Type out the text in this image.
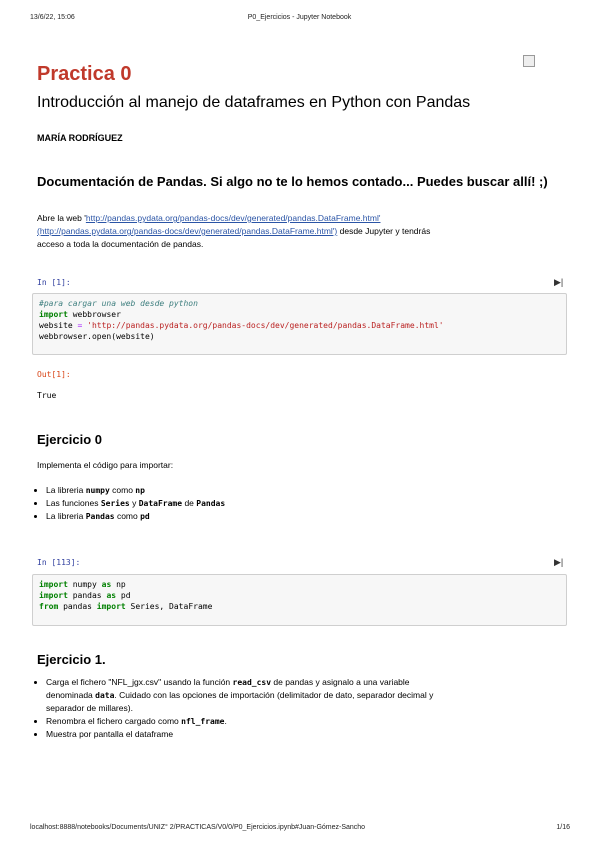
13/6/22, 15:06	P0_Ejercicios - Jupyter Notebook
Practica 0
Introducción al manejo de dataframes en Python con Pandas
MARÍA RODRÍGUEZ
Documentación de Pandas. Si algo no te lo hemos contado... Puedes buscar allí! ;)
Abre la web 'http://pandas.pydata.org/pandas-docs/dev/generated/pandas.DataFrame.html'
(http://pandas.pydata.org/pandas-docs/dev/generated/pandas.DataFrame.html') desde Jupyter y tendrás
acceso a toda la documentación de pandas.
In [1]:	▶|
#para cargar una web desde python
import webbrowser
website = 'http://pandas.pydata.org/pandas-docs/dev/generated/pandas.DataFrame.html'
webbrowser.open(website)
Out[1]:
True
Ejercicio 0
Implementa el código para importar:
• La libreria numpy como np
• Las funciones Series y DataFrame de Pandas
• La libreria Pandas como pd
In [113]:	▶|
import numpy as np
import pandas as pd
from pandas import Series, DataFrame
Ejercicio 1.
• Carga el fichero "NFL_jgx.csv" usando la función read_csv de pandas y asignalo a una variable
denominada data. Cuidado con las opciones de importación (delimitador de dato, separador decimal y
separador de millares).
• Renombra el fichero cargado como nfl_frame.
• Muestra por pantalla el dataframe
localhost:8888/notebooks/Documents/UNIZ° 2/PRACTICAS/V0/0/P0_Ejercicios.ipynb#Juan-Gómez-Sancho	1/16
